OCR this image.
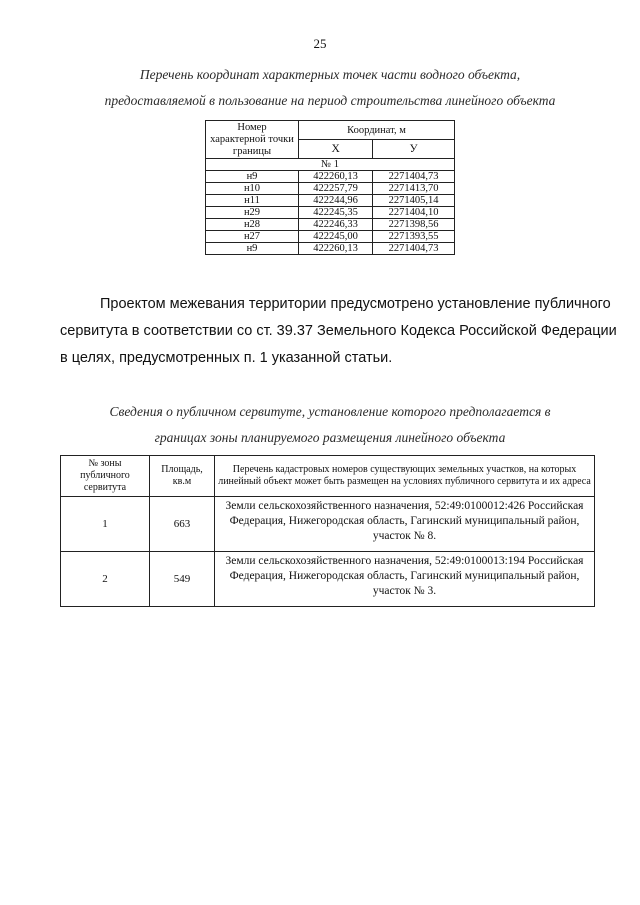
25
Перечень координат характерных точек части водного объекта,
предоставляемой в пользование на период строительства линейного объекта
Номер характерной точки границы	Координат, м	
	Х	У
№ 1		
н9	422260,13	2271404,73
н10	422257,79	2271413,70
н11	422244,96	2271405,14
н29	422245,35	2271404,10
н28	422246,33	2271398,56
н27	422245,00	2271393,55
н9	422260,13	2271404,73
Проектом межевания территории предусмотрено установление публичного
сервитута в соответствии со ст. 39.37 Земельного Кодекса Российской Федерации
в целях, предусмотренных п. 1 указанной статьи.
Сведения о публичном сервитуте, установление которого предполагается в
границах зоны планируемого размещения линейного объекта
№ зоны публичного сервитута	Площадь, кв.м	Перечень кадастровых номеров существующих земельных участков, на которых линейный объект может быть размещен на условиях публичного сервитута и их адреса
1	663	Земли сельскохозяйственного назначения, 52:49:0100012:426 Российская Федерация, Нижегородская область, Гагинский муниципальный район, участок № 8.
2	549	Земли сельскохозяйственного назначения, 52:49:0100013:194 Российская Федерация, Нижегородская область, Гагинский муниципальный район, участок № 3.
